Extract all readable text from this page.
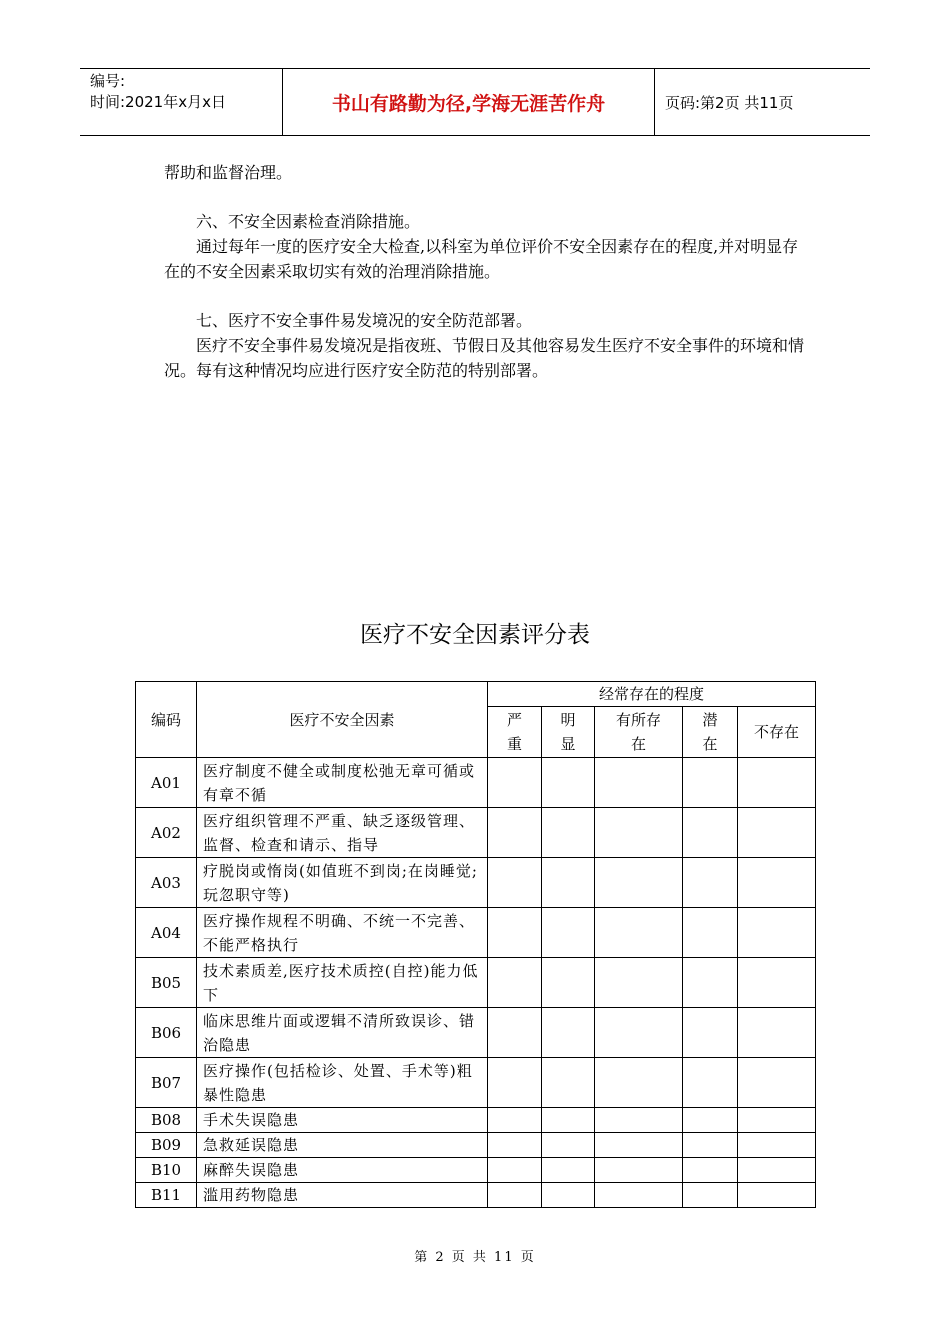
编号:
时间:2021年x月x日	书山有路勤为径,学海无涯苦作舟	页码:第2页 共11页

帮助和监督治理。

六、不安全因素检查消除措施。

通过每年一度的医疗安全大检查,以科室为单位评价不安全因素存在的程度,并对明显存在的不安全因素采取切实有效的治理消除措施。

七、医疗不安全事件易发境况的安全防范部署。

医疗不安全事件易发境况是指夜班、节假日及其他容易发生医疗不安全事件的环境和情况。每有这种情况均应进行医疗安全防范的特别部署。

医疗不安全因素评分表
编码	医疗不安全因素	经常存在的程度				
		严重	明显	有所存在	潜在	不存在
A01	医疗制度不健全或制度松弛无章可循或有章不循					
A02	医疗组织管理不严重、缺乏逐级管理、监督、检查和请示、指导					
A03	疗脱岗或惰岗(如值班不到岗;在岗睡觉;玩忽职守等)					
A04	医疗操作规程不明确、不统一不完善、不能严格执行					
B05	技术素质差,医疗技术质控(自控)能力低下					
B06	临床思维片面或逻辑不清所致误诊、错治隐患					
B07	医疗操作(包括检诊、处置、手术等)粗暴性隐患					
B08	手术失误隐患					
B09	急救延误隐患					
B10	麻醉失误隐患					
B11	滥用药物隐患					
第 2 页 共 11 页
